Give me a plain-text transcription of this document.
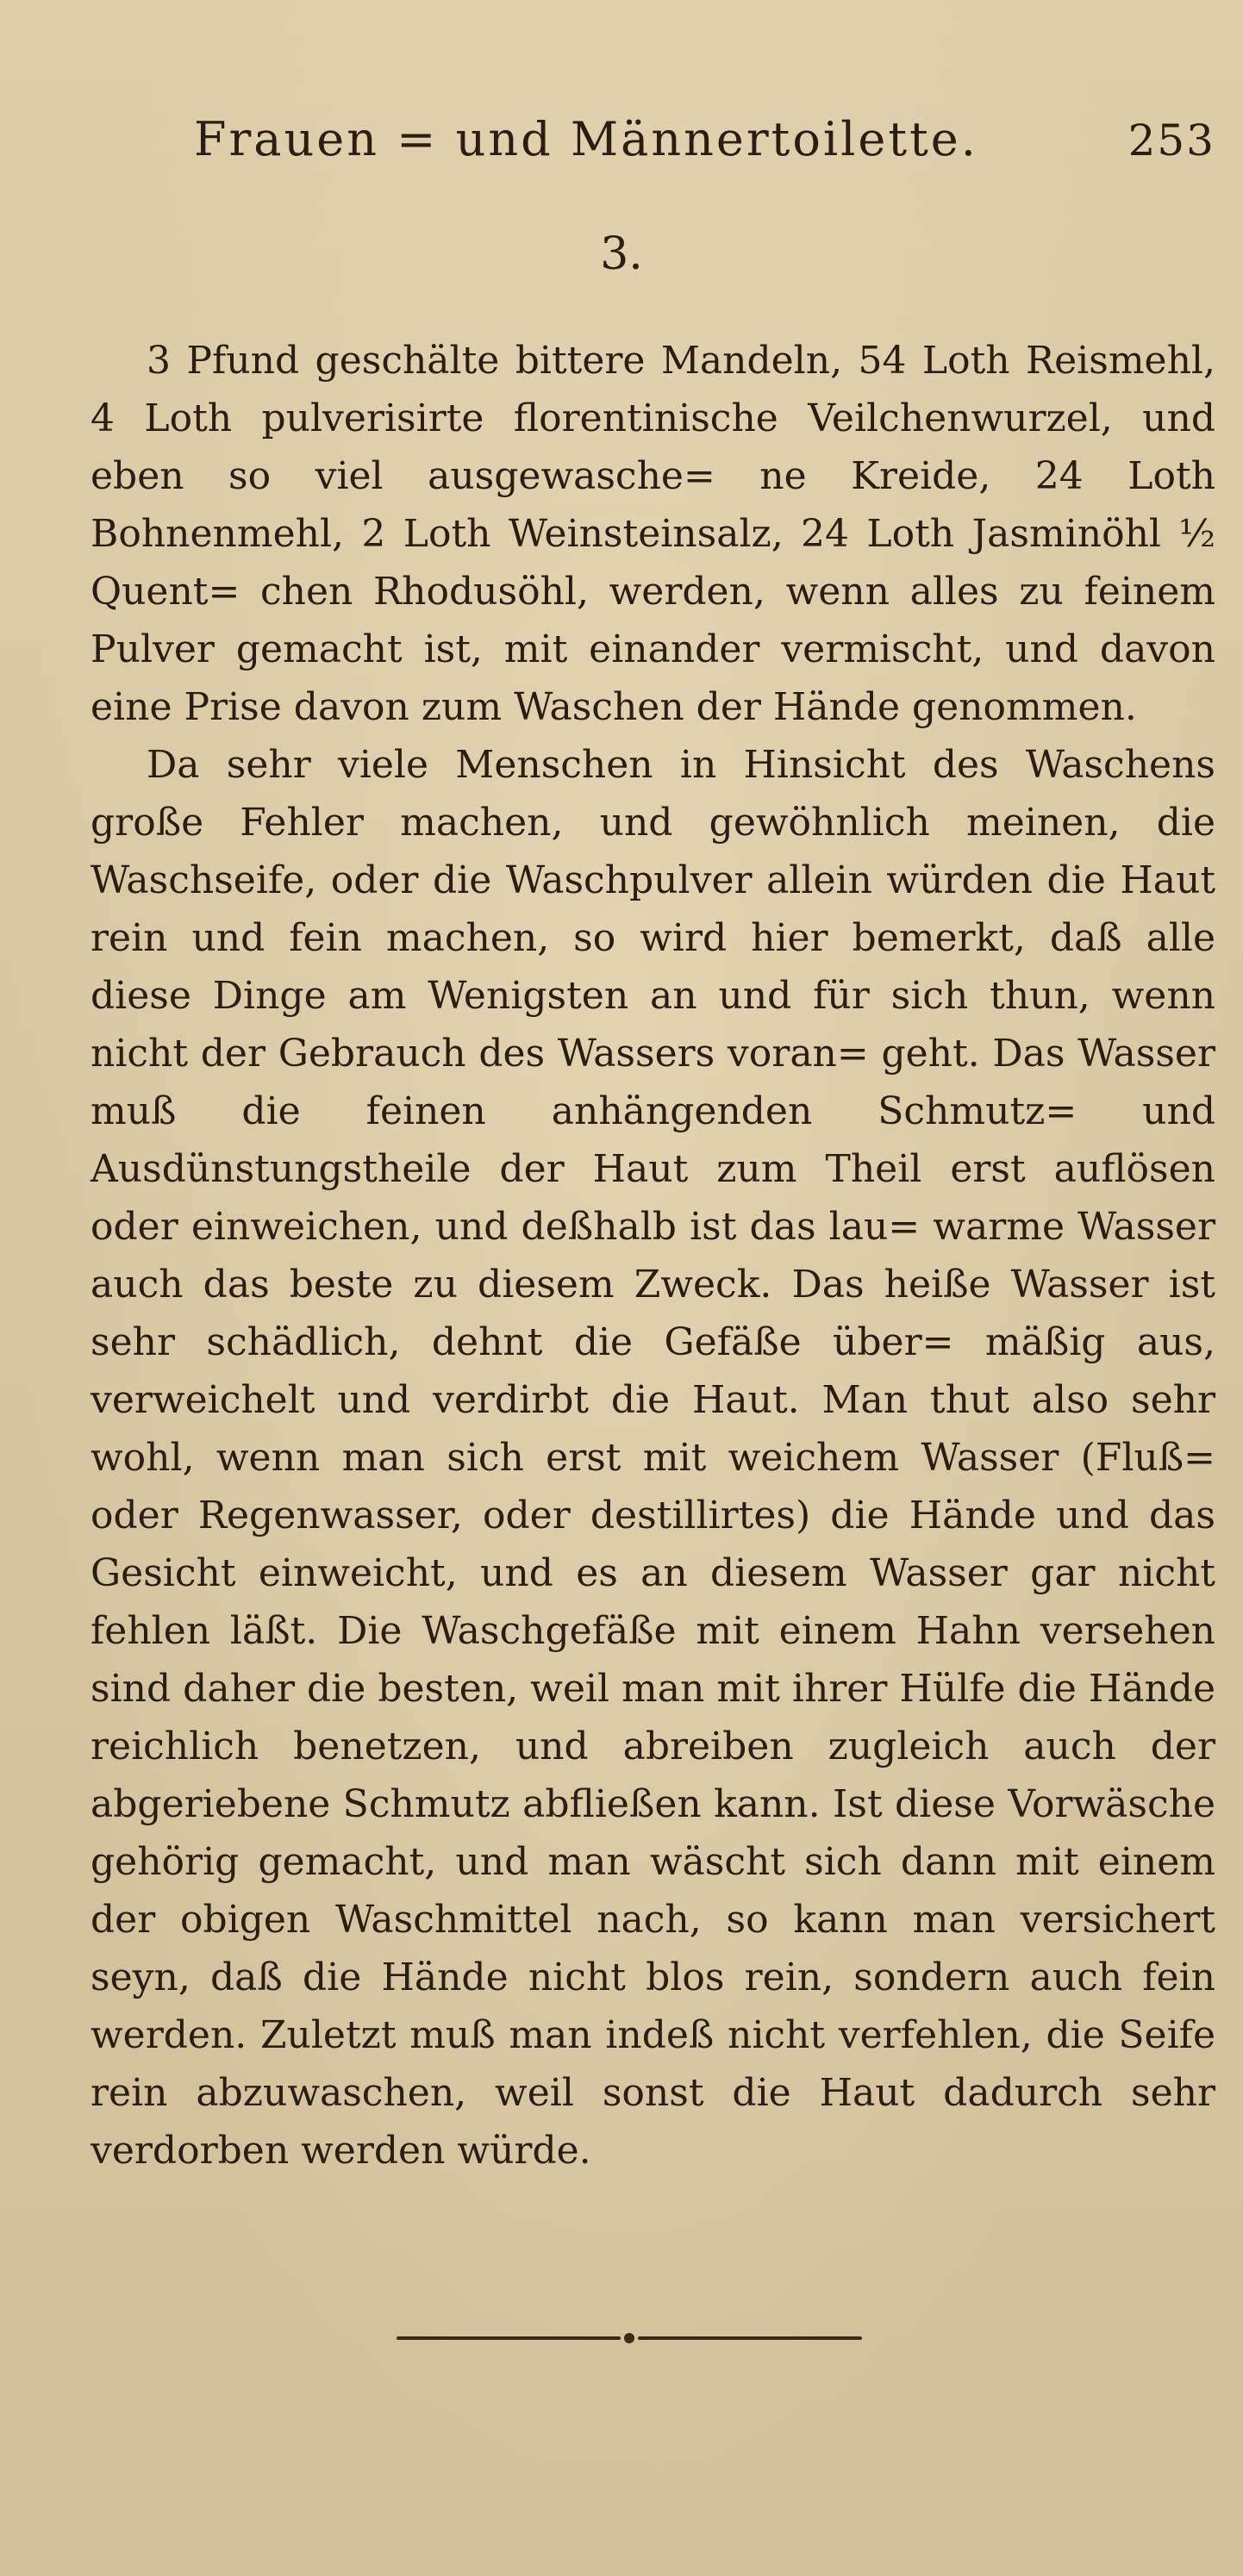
Frauen = und Männertoilette.	253
3.

3 Pfund geschälte bittere Mandeln, 54 Loth Reismehl, 4 Loth pulverisirte florentinische Veilchenwurzel, und eben so viel ausgewasche= ne Kreide, 24 Loth Bohnenmehl, 2 Loth Weinsteinsalz, 24 Loth Jasminöhl ½ Quent= chen Rhodusöhl, werden, wenn alles zu feinem Pulver gemacht ist, mit einander vermischt, und davon eine Prise davon zum Waschen der Hände genommen.

Da sehr viele Menschen in Hinsicht des Waschens große Fehler machen, und gewöhnlich meinen, die Waschseife, oder die Waschpulver allein würden die Haut rein und fein machen, so wird hier bemerkt, daß alle diese Dinge am Wenigsten an und für sich thun, wenn nicht der Gebrauch des Wassers voran= geht. Das Wasser muß die feinen anhängenden Schmutz= und Ausdünstungstheile der Haut zum Theil erst auflösen oder einweichen, und deßhalb ist das lau= warme Wasser auch das beste zu diesem Zweck. Das heiße Wasser ist sehr schädlich, dehnt die Gefäße über= mäßig aus, verweichelt und verdirbt die Haut. Man thut also sehr wohl, wenn man sich erst mit weichem Wasser (Fluß= oder Regenwasser, oder destillirtes) die Hände und das Gesicht einweicht, und es an diesem Wasser gar nicht fehlen läßt. Die Waschgefäße mit einem Hahn versehen sind daher die besten, weil man mit ihrer Hülfe die Hände reichlich benetzen, und abreiben zugleich auch der abgeriebene Schmutz abfließen kann. Ist diese Vorwäsche gehörig gemacht, und man wäscht sich dann mit einem der obigen Waschmittel nach, so kann man versichert seyn, daß die Hände nicht blos rein, sondern auch fein werden. Zuletzt muß man indeß nicht verfehlen, die Seife rein abzuwaschen, weil sonst die Haut dadurch sehr verdorben werden würde.
